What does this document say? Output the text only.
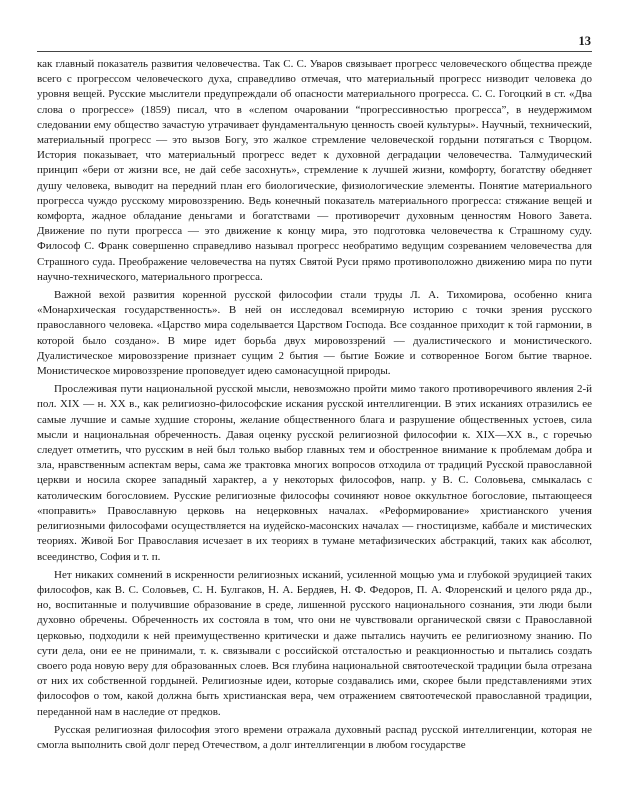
13

как главный показатель развития человечества. Так С. С. Уваров связывает прогресс человеческого общества прежде всего с прогрессом человеческого духа, справедливо отмечая, что материальный прогресс низводит человека до уровня вещей. Русские мыслители предупреждали об опасности материального прогресса. С. С. Гогоцкий в ст. «Два слова о прогрессе» (1859) писал, что в «слепом очаровании “прогрессивностью прогресса”, в неудержимом следовании ему общество зачастую утрачивает фундаментальную ценность своей культуры». Научный, технический, материальный прогресс — это вызов Богу, это жалкое стремление человеческой гордыни потягаться с Творцом. История показывает, что материальный прогресс ведет к духовной деградации человечества. Талмудический принцип «бери от жизни все, не дай себе засохнуть», стремление к лучшей жизни, комфорту, богатству обедняет душу человека, выводит на передний план его биологические, физиологические элементы. Понятие материального прогресса чуждо русскому мировоззрению. Ведь конечный показатель материального прогресса: стяжание вещей и комфорта, жадное обладание деньгами и богатствами — противоречит духовным ценностям Нового Завета. Движение по пути прогресса — это движение к концу мира, это подготовка человечества к Страшному суду. Философ С. Франк совершенно справедливо называл прогресс необратимо ведущим созреванием человечества для Страшного суда. Преображение человечества на путях Святой Руси прямо противоположно движению мира по пути научно-технического, материального прогресса.

Важной вехой развития коренной русской философии стали труды Л. А. Тихомирова, особенно книга «Монархическая государственность». В ней он исследовал всемирную историю с точки зрения русского православного человека. «Царство мира соделывается Царством Господа. Все созданное приходит к той гармонии, в которой было создано». В мире идет борьба двух мировоззрений — дуалистического и монистического. Дуалистическое мировоззрение признает сущим 2 бытия — бытие Божие и сотворенное Богом бытие тварное. Монистическое мировоззрение проповедует идею самонасущной природы.

Прослеживая пути национальной русской мысли, невозможно пройти мимо такого противоречивого явления 2-й пол. XIX — н. XX в., как религиозно-философские искания русской интеллигенции. В этих исканиях отразились ее самые лучшие и самые худшие стороны, желание общественного блага и разрушение общественных устоев, сила мысли и национальная обреченность. Давая оценку русской религиозной философии к. XIX—XX в., с горечью следует отметить, что русским в ней был только выбор главных тем и обостренное внимание к проблемам добра и зла, нравственным аспектам веры, сама же трактовка многих вопросов отходила от традиций Русской православной церкви и носила скорее западный характер, а у некоторых философов, напр. у В. С. Соловьева, смыкалась с католическим богословием. Русские религиозные философы сочиняют новое оккультное богословие, пытающееся «поправить» Православную церковь на нецерковных началах. «Реформирование» христианского учения религиозными философами осуществляется на иудейско-масонских началах — гностицизме, каббале и мистических теориях. Живой Бог Православия исчезает в их теориях в тумане метафизических абстракций, таких как абсолют, всеединство, София и т. п.

Нет никаких сомнений в искренности религиозных исканий, усиленной мощью ума и глубокой эрудицией таких философов, как В. С. Соловьев, С. Н. Булгаков, Н. А. Бердяев, Н. Ф. Федоров, П. А. Флоренский и целого ряда др., но, воспитанные и получившие образование в среде, лишенной русского национального сознания, эти люди были духовно обречены. Обреченность их состояла в том, что они не чувствовали органической связи с Православной церковью, подходили к ней преимущественно критически и даже пытались научить ее религиозному знанию. По сути дела, они ее не принимали, т. к. связывали с российской отсталостью и реакционностью и пытались создать своего рода новую веру для образованных слоев. Вся глубина национальной святоотеческой традиции была отрезана от них их собственной гордыней. Религиозные идеи, которые создавались ими, скорее были представлениями этих философов о том, какой должна быть христианская вера, чем отражением святоотеческой православной традиции, переданной нам в наследие от предков.

Русская религиозная философия этого времени отражала духовный распад русской интеллигенции, которая не смогла выполнить свой долг перед Отечеством, а долг интеллигенции в любом государстве
